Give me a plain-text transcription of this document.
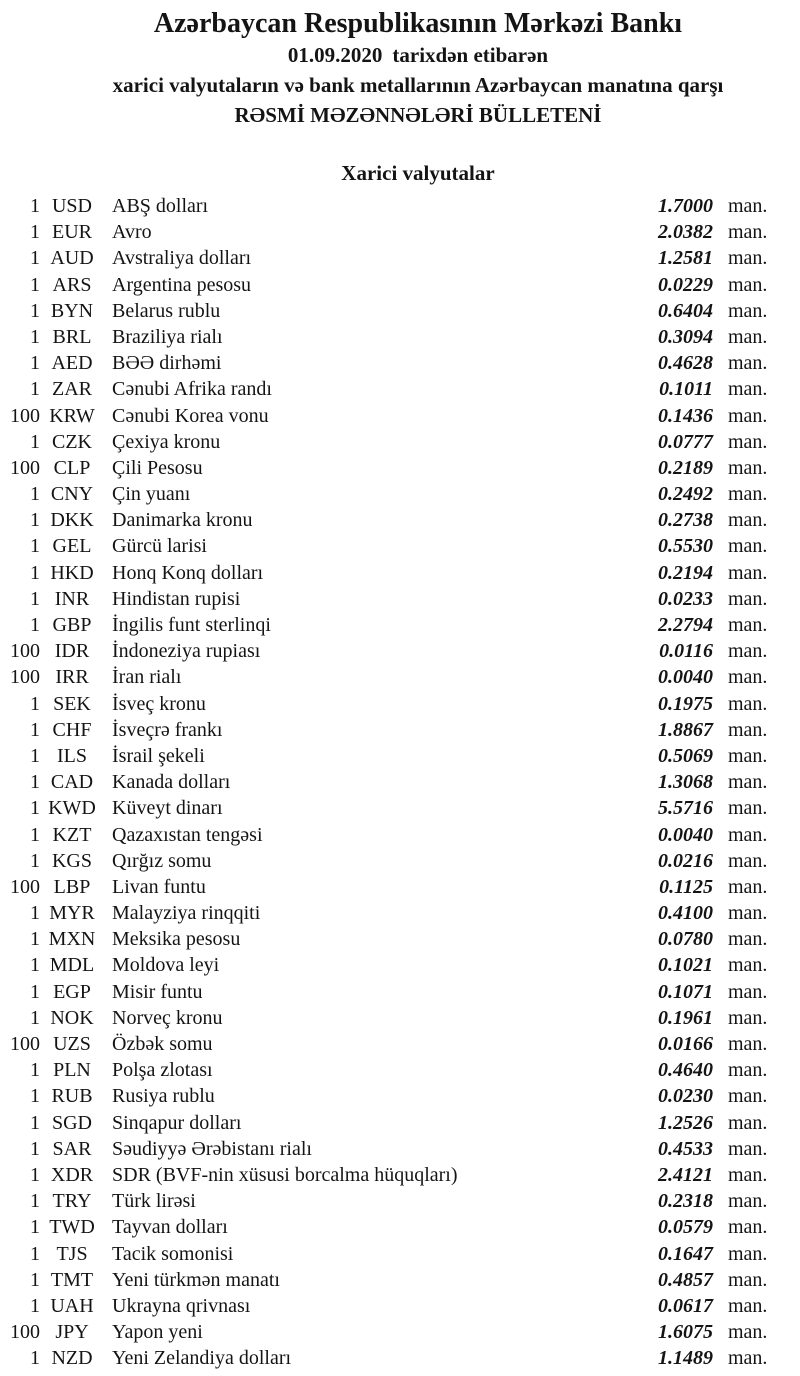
Azərbaycan Respublikasının Mərkəzi Bankı
01.09.2020 tarixdən etibarən
xarici valyutaların və bank metallarının Azərbaycan manatına qarşı
RƏSMİ MƏZƏNNƏLƏRİ BÜLLETENİ
Xarici valyutalar
1 USD	ABŞ dolları	1.7000 man.
1 EUR	Avro	2.0382 man.
1 AUD Avstraliya dolları	1.2581 man.
1 ARS	Argentina pesosu	0.0229 man.
1 BYN Belarus rublu	0.6404 man.
1 BRL	Braziliya rialı	0.3094 man.
1 AED BƏƏ dirhəmi	0.4628 man.
1 ZAR	Cənubi Afrika randı	0.1011 man.
100 KRW Cənubi Korea vonu	0.1436 man.
1 CZK	Çexiya kronu	0.0777 man.
100 CLP	Çili Pesosu	0.2189 man.
1 CNY Çin yuanı	0.2492 man.
1 DKK Danimarka kronu	0.2738 man.
1 GEL	Gürcü larisi	0.5530 man.
1 HKD Honq Konq dolları	0.2194 man.
1 INR	Hindistan rupisi	0.0233 man.
1 GBP	İngilis funt sterlinqi	2.2794 man.
100 IDR	İndoneziya rupiası	0.0116 man.
100 IRR	İran rialı	0.0040 man.
1 SEK	İsveç kronu	0.1975 man.
1 CHF	İsveçrə frankı	1.8867 man.
1 ILS	İsrail şekeli	0.5069 man.
1 CAD Kanada dolları	1.3068 man.
1 KWD Küveyt dinarı	5.5716 man.
1 KZT	Qazaxıstan tengəsi	0.0040 man.
1 KGS	Qırğız somu	0.0216 man.
100 LBP	Livan funtu	0.1125 man.
1 MYR Malayziya rinqqiti	0.4100 man.
1 MXN Meksika pesosu	0.0780 man.
1 MDL Moldova leyi	0.1021 man.
1 EGP	Misir funtu	0.1071 man.
1 NOK Norveç kronu	0.1961 man.
100 UZS	Özbək somu	0.0166 man.
1 PLN	Polşa zlotası	0.4640 man.
1 RUB Rusiya rublu	0.0230 man.
1 SGD	Sinqapur dolları	1.2526 man.
1 SAR	Səudiyyə Ərəbistanı rialı	0.4533 man.
1 XDR SDR (BVF-nin xüsusi borcalma hüquqları)	2.4121 man.
1 TRY	Türk lirəsi	0.2318 man.
1 TWD Tayvan dolları	0.0579 man.
1 TJS	Tacik somonisi	0.1647 man.
1 TMT Yeni türkmən manatı	0.4857 man.
1 UAH Ukrayna qrivnası	0.0617 man.
100 JPY	Yapon yeni	1.6075 man.
1 NZD Yeni Zelandiya dolları	1.1489 man.
